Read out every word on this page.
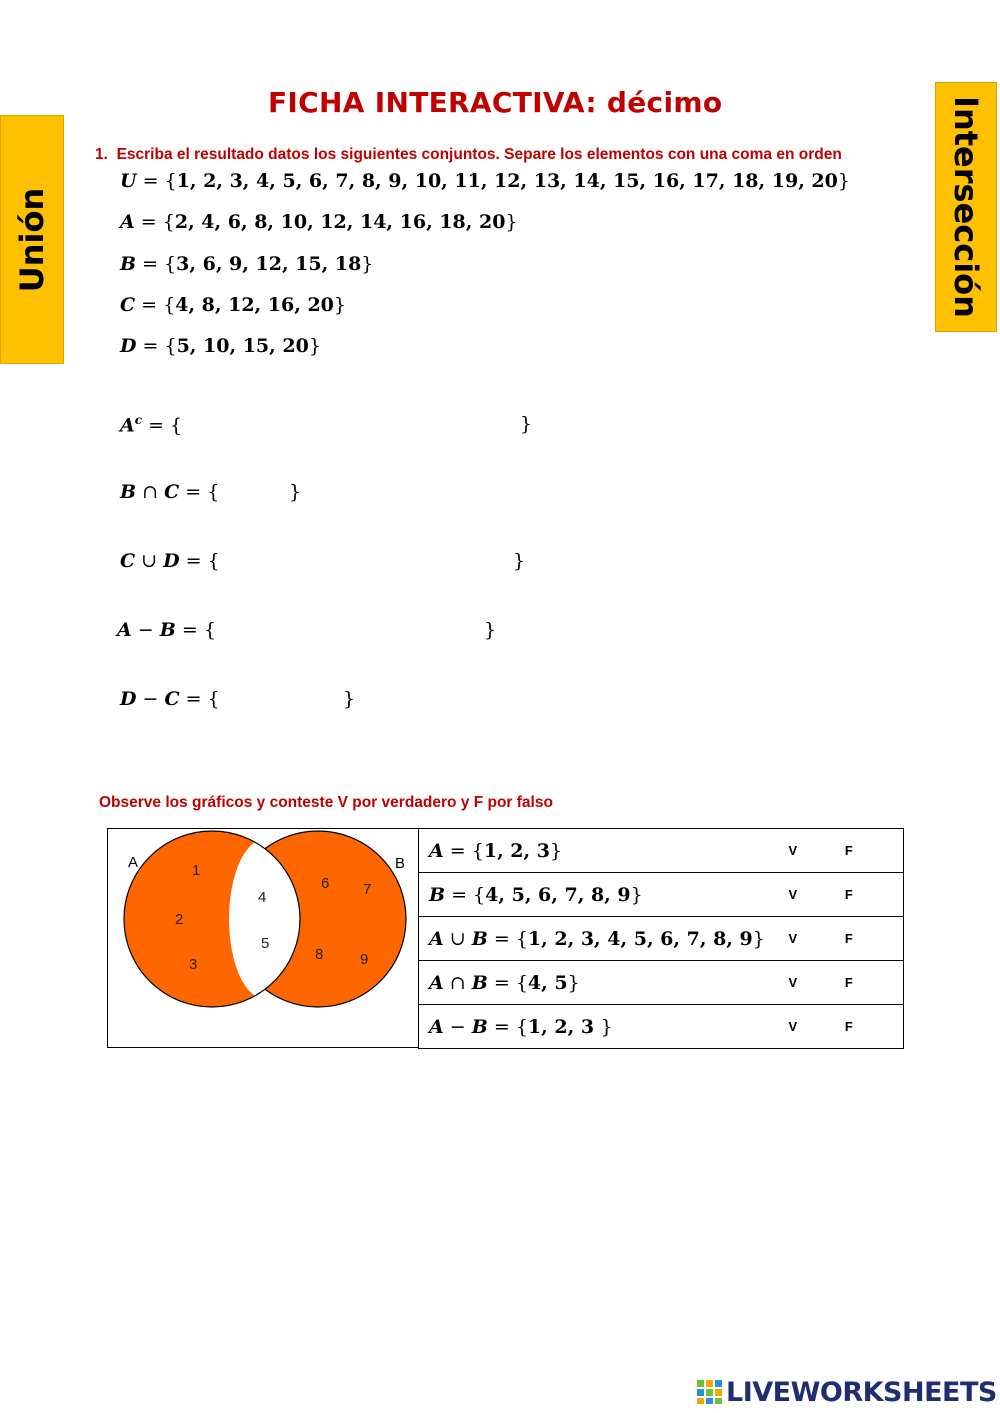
Unión	Intersección
FICHA INTERACTIVA: décimo
1. Escriba el resultado datos los siguientes conjuntos. Separe los elementos con una coma en orden
U = {1, 2, 3, 4, 5, 6, 7, 8, 9, 10, 11, 12, 13, 14, 15, 16, 17, 18, 19, 20}
A = {2, 4, 6, 8, 10, 12, 14, 16, 18, 20}
B = {3, 6, 9, 12, 15, 18}
C = {4, 8, 12, 16, 20}
D = {5, 10, 15, 20}
$A^c$ = {	}
B ∩ C = {	}
C ∪ D = {	}
A − B = {	}
D − C = {	}
Observe los gráficos y conteste V por verdadero y F por falso
A	B
1
2
3
4
5
6 7
8 9
A = {1, 2, 3}	V F
B = {4, 5, 6, 7, 8, 9}	V F
A ∪ B = {1, 2, 3, 4, 5, 6, 7, 8, 9}	V F
A ∩ B = {4, 5}	V F
A − B = {1, 2, 3 }	V F
LIVEWORKSHEETS
